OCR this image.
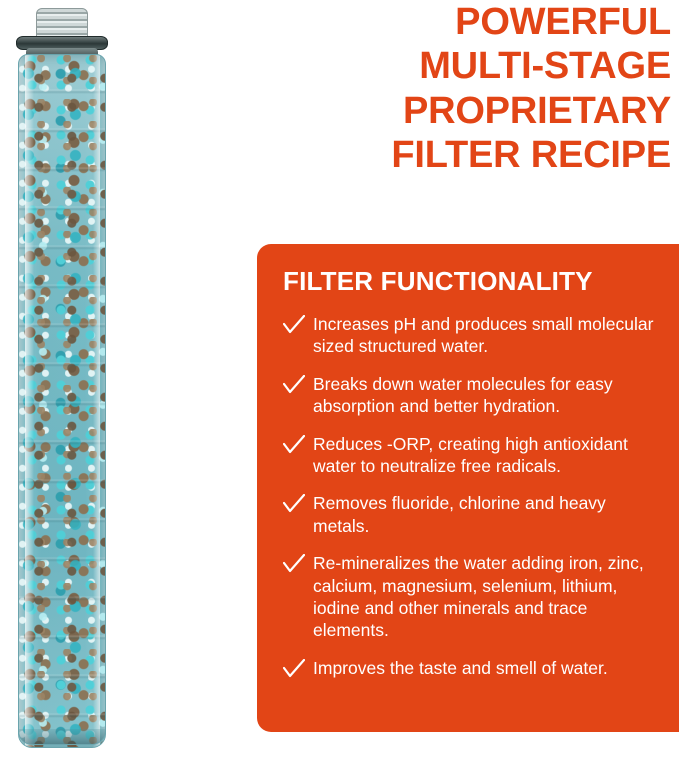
POWERFUL
MULTI-STAGE
PROPRIETARY
FILTER RECIPE
FILTER FUNCTIONALITY
Increases pH and produces small molecular sized structured water.
Breaks down water molecules for easy absorption and better hydration.
Reduces -ORP, creating high antioxidant water to neutralize free radicals.
Removes fluoride, chlorine and heavy metals.
Re-mineralizes the water adding iron, zinc, calcium, magnesium, selenium, lithium, iodine and other minerals and trace elements.
Improves the taste and smell of water.
